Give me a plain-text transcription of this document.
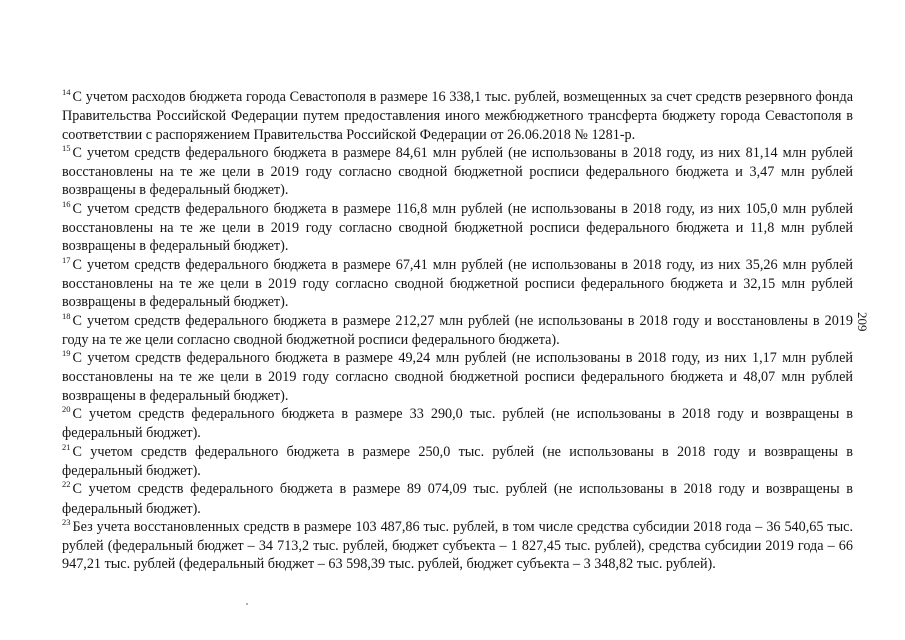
$^{14}$ С учетом расходов бюджета города Севастополя в размере 16 338,1 тыс. рублей, возмещенных за счет средств резервного фонда Правительства Российской Федерации путем предоставления иного межбюджетного трансферта бюджету города Севастополя в соответствии с распоряжением Правительства Российской Федерации от 26.06.2018 № 1281-р.

$^{15}$ С учетом средств федерального бюджета в размере 84,61 млн рублей (не использованы в 2018 году, из них 81,14 млн рублей восстановлены на те же цели в 2019 году согласно сводной бюджетной росписи федерального бюджета и 3,47 млн рублей возвращены в федеральный бюджет).

$^{16}$ С учетом средств федерального бюджета в размере 116,8 млн рублей (не использованы в 2018 году, из них 105,0 млн рублей восстановлены на те же цели в 2019 году согласно сводной бюджетной росписи федерального бюджета и 11,8 млн рублей возвращены в федеральный бюджет).

$^{17}$ С учетом средств федерального бюджета в размере 67,41 млн рублей (не использованы в 2018 году, из них 35,26 млн рублей восстановлены на те же цели в 2019 году согласно сводной бюджетной росписи федерального бюджета и 32,15 млн рублей возвращены в федеральный бюджет).

$^{18}$ С учетом средств федерального бюджета в размере 212,27 млн рублей (не использованы в 2018 году и восстановлены в 2019 году на те же цели согласно сводной бюджетной росписи федерального бюджета).

$^{19}$ С учетом средств федерального бюджета в размере 49,24 млн рублей (не использованы в 2018 году, из них 1,17 млн рублей восстановлены на те же цели в 2019 году согласно сводной бюджетной росписи федерального бюджета и 48,07 млн рублей возвращены в федеральный бюджет).

$^{20}$ С учетом средств федерального бюджета в размере 33 290,0 тыс. рублей (не использованы в 2018 году и возвращены в федеральный бюджет).

$^{21}$ С учетом средств федерального бюджета в размере 250,0 тыс. рублей (не использованы в 2018 году и возвращены в федеральный бюджет).

$^{22}$ С учетом средств федерального бюджета в размере 89 074,09 тыс. рублей (не использованы в 2018 году и возвращены в федеральный бюджет).

$^{23}$ Без учета восстановленных средств в размере 103 487,86 тыс. рублей, в том числе средства субсидии 2018 года – 36 540,65 тыс. рублей (федеральный бюджет – 34 713,2 тыс. рублей, бюджет субъекта – 1 827,45 тыс. рублей), средства субсидии 2019 года – 66 947,21 тыс. рублей (федеральный бюджет – 63 598,39 тыс. рублей, бюджет субъекта – 3 348,82 тыс. рублей).

209
